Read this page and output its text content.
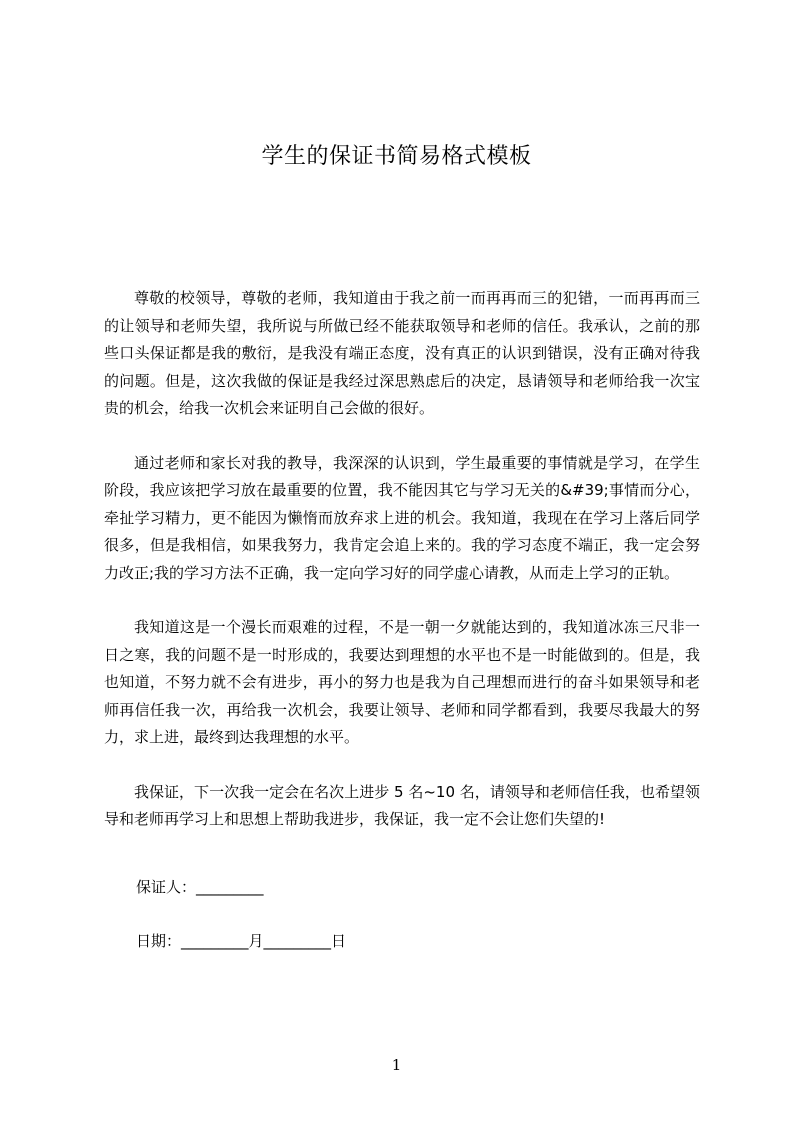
学生的保证书简易格式模板

尊敬的校领导，尊敬的老师，我知道由于我之前一而再再而三的犯错，一而再再而三的让领导和老师失望，我所说与所做已经不能获取领导和老师的信任。我承认，之前的那些口头保证都是我的敷衍，是我没有端正态度，没有真正的认识到错误，没有正确对待我的问题。但是，这次我做的保证是我经过深思熟虑后的决定，恳请领导和老师给我一次宝贵的机会，给我一次机会来证明自己会做的很好。

通过老师和家长对我的教导，我深深的认识到，学生最重要的事情就是学习，在学生阶段，我应该把学习放在最重要的位置，我不能因其它与学习无关的&#39;事情而分心，牵扯学习精力，更不能因为懒惰而放弃求上进的机会。我知道，我现在在学习上落后同学很多，但是我相信，如果我努力，我肯定会追上来的。我的学习态度不端正，我一定会努力改正;我的学习方法不正确，我一定向学习好的同学虚心请教，从而走上学习的正轨。

我知道这是一个漫长而艰难的过程，不是一朝一夕就能达到的，我知道冰冻三尺非一日之寒，我的问题不是一时形成的，我要达到理想的水平也不是一时能做到的。但是，我也知道，不努力就不会有进步，再小的努力也是我为自己理想而进行的奋斗如果领导和老师再信任我一次，再给我一次机会，我要让领导、老师和同学都看到，我要尽我最大的努力，求上进，最终到达我理想的水平。

我保证，下一次我一定会在名次上进步 5 名~10 名，请领导和老师信任我，也希望领导和老师再学习上和思想上帮助我进步，我保证，我一定不会让您们失望的!

保证人：_________

日期：_________月_________日

1
